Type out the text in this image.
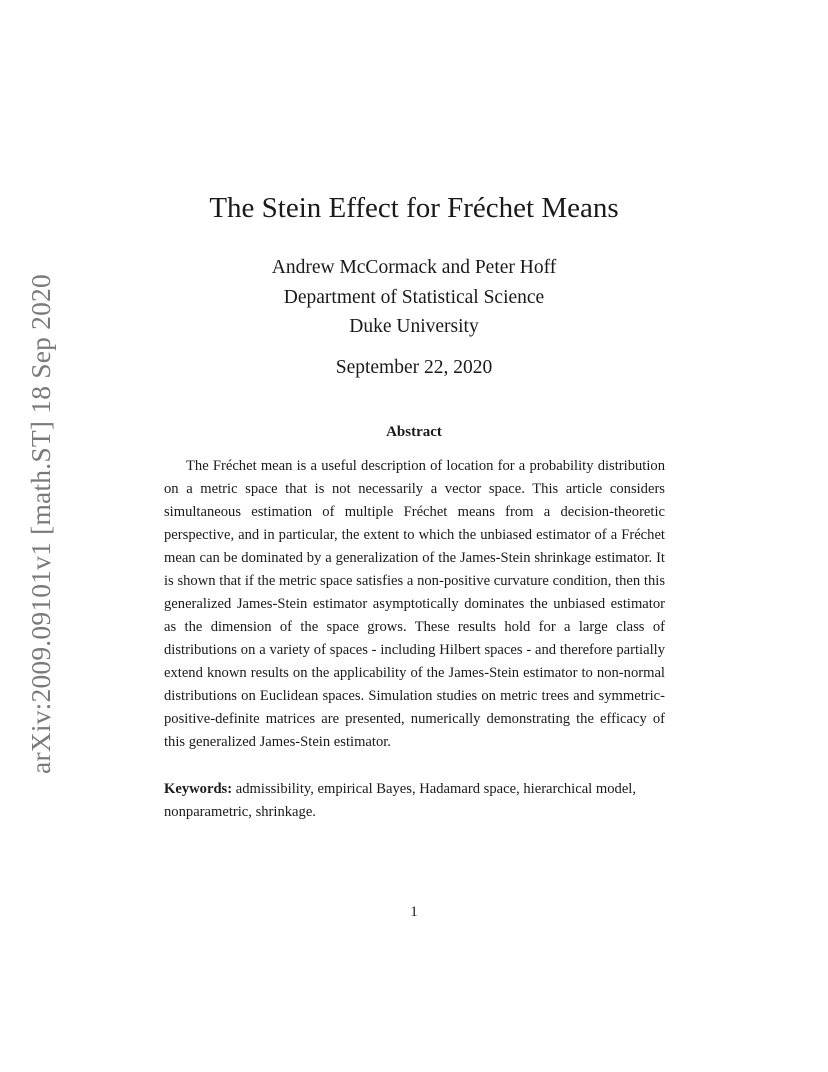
arXiv:2009.09101v1 [math.ST] 18 Sep 2020
The Stein Effect for Fréchet Means
Andrew McCormack and Peter Hoff
Department of Statistical Science
Duke University
September 22, 2020
Abstract
The Fréchet mean is a useful description of location for a probability distribution on a metric space that is not necessarily a vector space. This article considers simultaneous estimation of multiple Fréchet means from a decision-theoretic perspective, and in particular, the extent to which the unbiased estimator of a Fréchet mean can be dominated by a generalization of the James-Stein shrinkage estimator. It is shown that if the metric space satisfies a non-positive curvature condition, then this generalized James-Stein estimator asymptotically dominates the unbiased estimator as the dimension of the space grows. These results hold for a large class of distributions on a variety of spaces - including Hilbert spaces - and therefore partially extend known results on the applicability of the James-Stein estimator to non-normal distributions on Euclidean spaces. Simulation studies on metric trees and symmetric-positive-definite matrices are presented, numerically demonstrating the efficacy of this generalized James-Stein estimator.
Keywords: admissibility, empirical Bayes, Hadamard space, hierarchical model, nonparametric, shrinkage.
1
